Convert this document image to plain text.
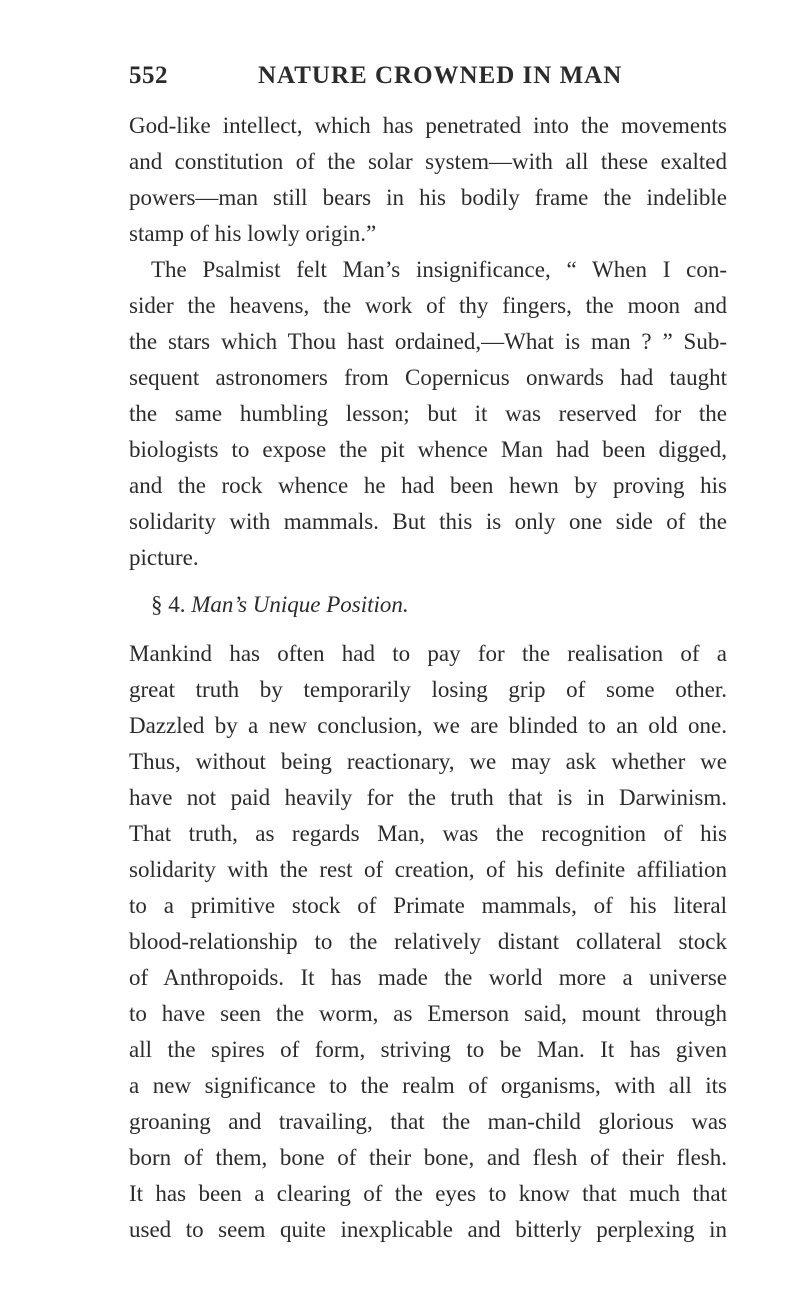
552	NATURE CROWNED IN MAN
God-like intellect, which has penetrated into the movements
and constitution of the solar system—with all these exalted
powers—man still bears in his bodily frame the indelible
stamp of his lowly origin.”
The Psalmist felt Man’s insignificance, “ When I con-
sider the heavens, the work of thy fingers, the moon and
the stars which Thou hast ordained,—What is man ? ” Sub-
sequent astronomers from Copernicus onwards had taught
the same humbling lesson; but it was reserved for the
biologists to expose the pit whence Man had been digged,
and the rock whence he had been hewn by proving his
solidarity with mammals. But this is only one side of the
picture.
§ 4. Man’s Unique Position.
Mankind has often had to pay for the realisation of a
great truth by temporarily losing grip of some other.
Dazzled by a new conclusion, we are blinded to an old one.
Thus, without being reactionary, we may ask whether we
have not paid heavily for the truth that is in Darwinism.
That truth, as regards Man, was the recognition of his
solidarity with the rest of creation, of his definite affiliation
to a primitive stock of Primate mammals, of his literal
blood-relationship to the relatively distant collateral stock
of Anthropoids. It has made the world more a universe
to have seen the worm, as Emerson said, mount through
all the spires of form, striving to be Man. It has given
a new significance to the realm of organisms, with all its
groaning and travailing, that the man-child glorious was
born of them, bone of their bone, and flesh of their flesh.
It has been a clearing of the eyes to know that much that
used to seem quite inexplicable and bitterly perplexing in
